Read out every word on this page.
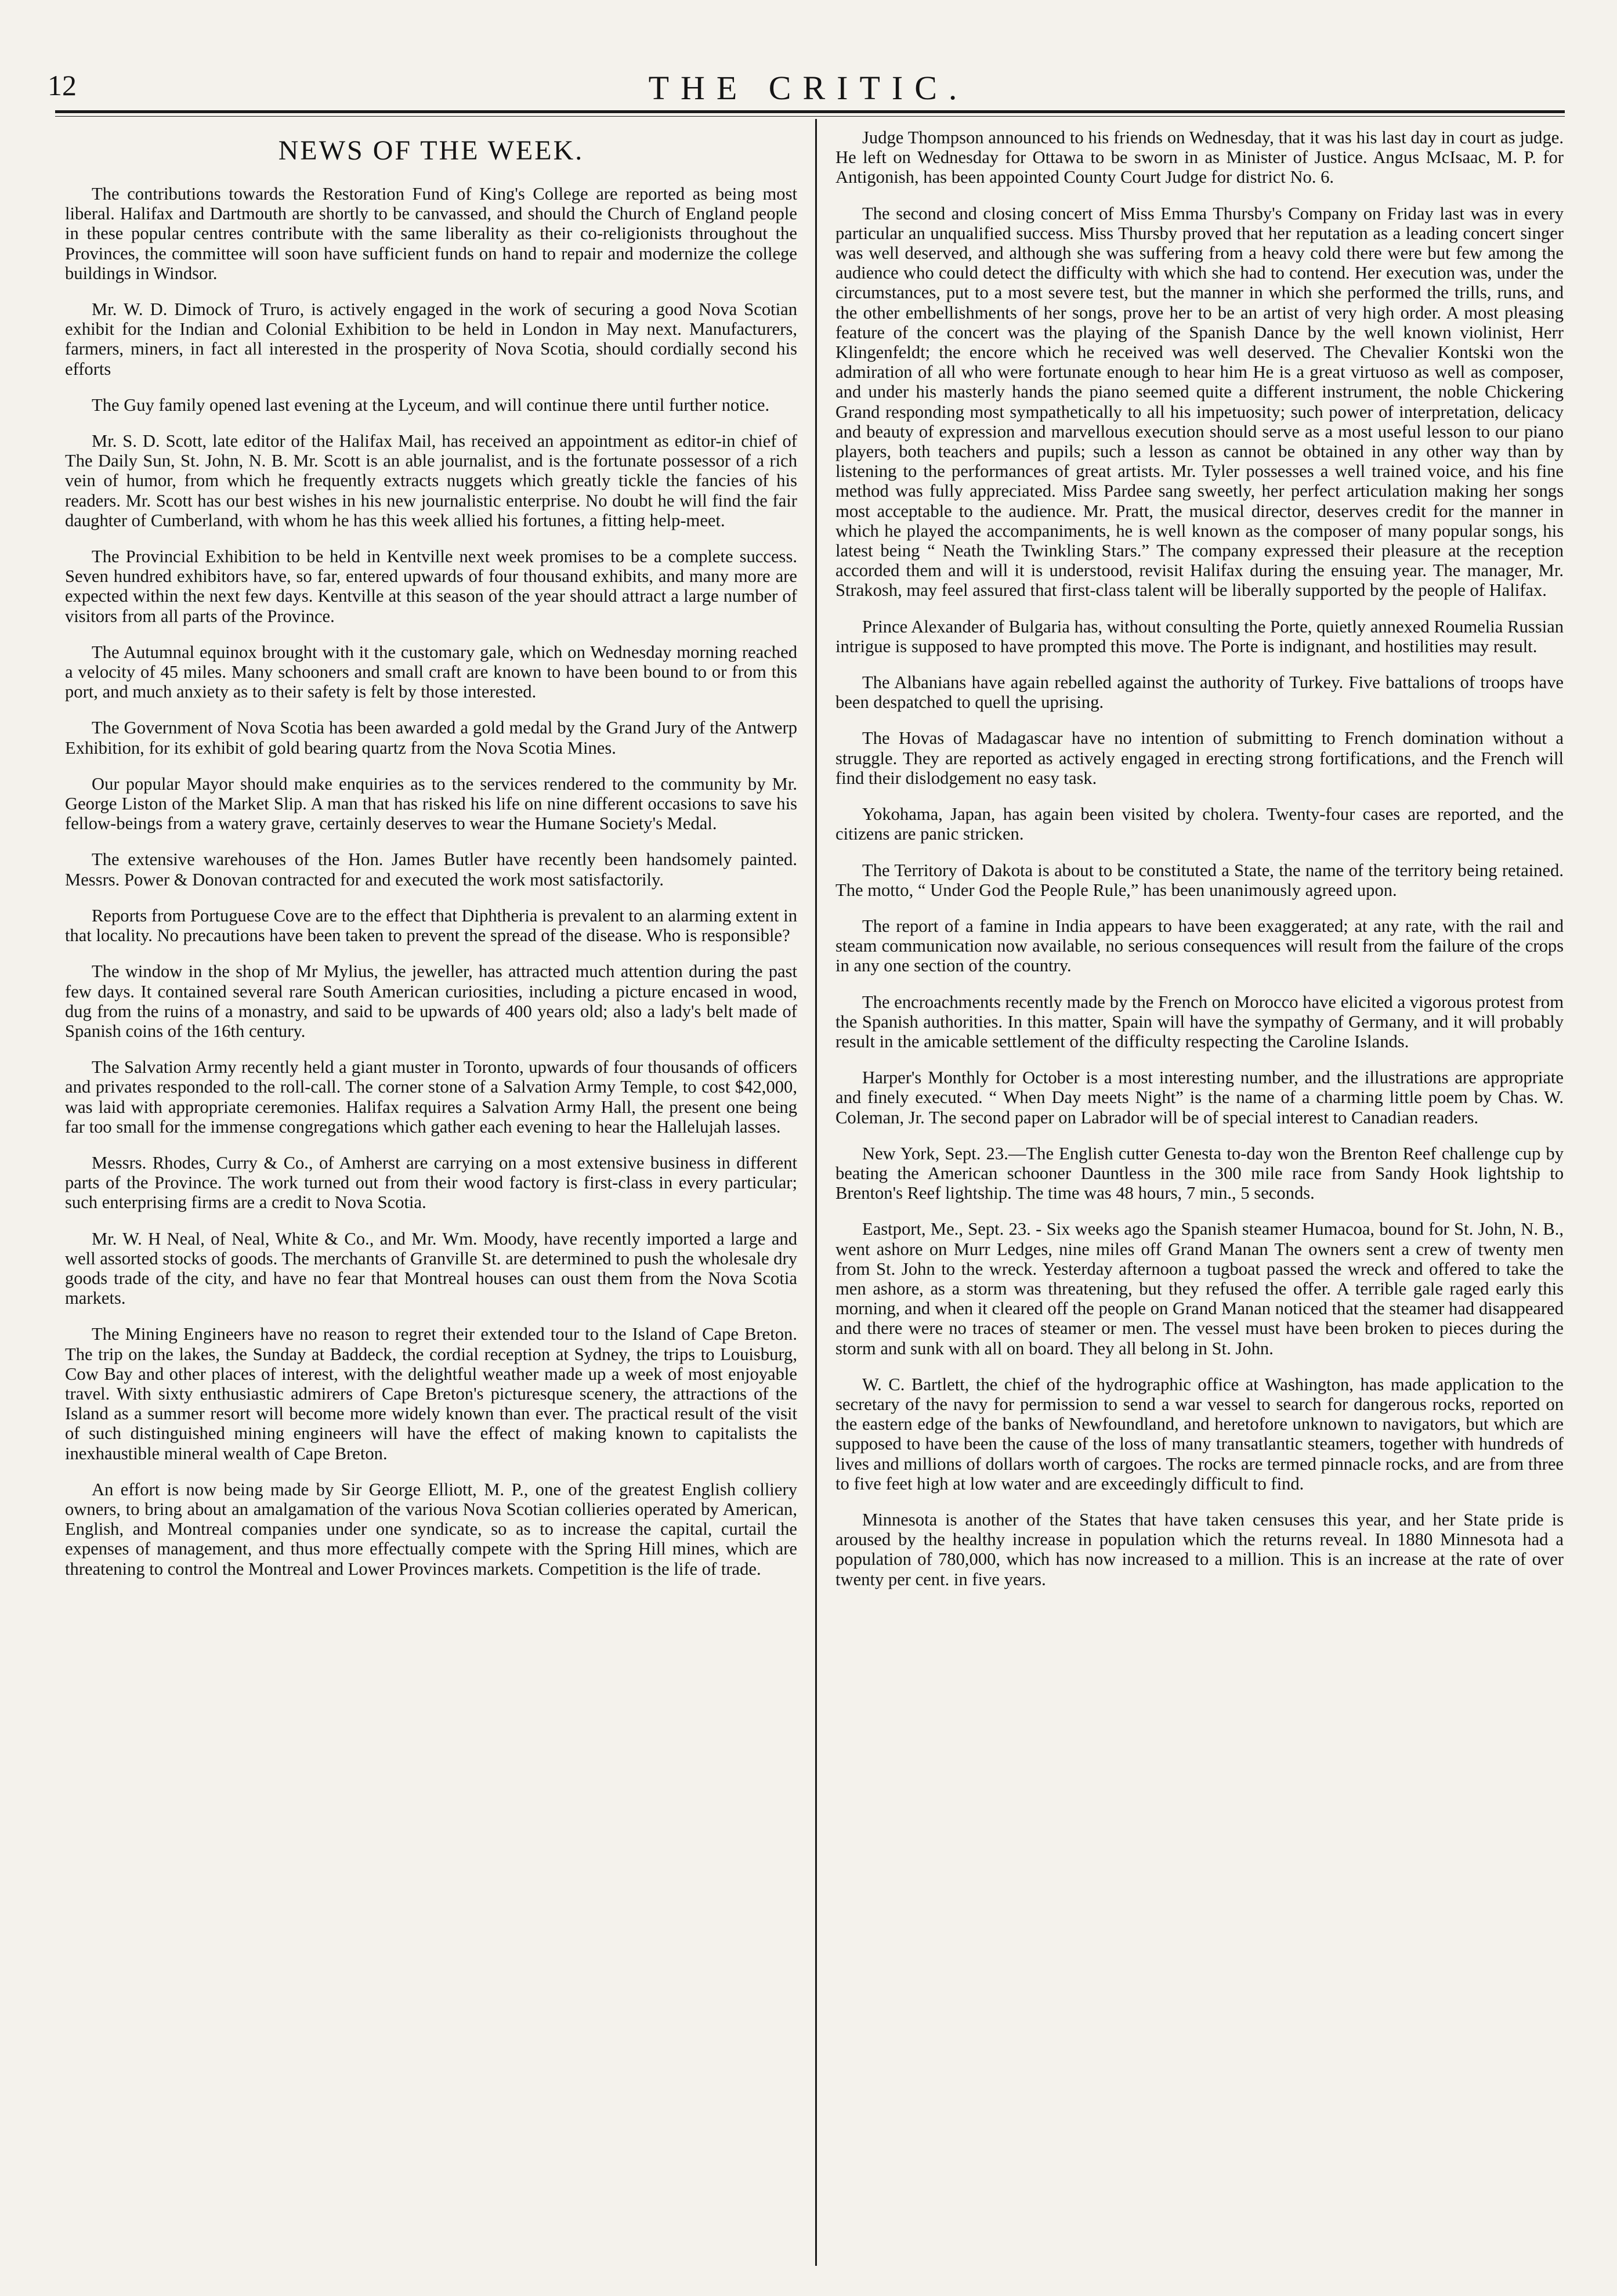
12	THE CRITIC.
NEWS OF THE WEEK.

The contributions towards the Restoration Fund of King's College are reported as being most liberal. Halifax and Dartmouth are shortly to be canvassed, and should the Church of England people in these popular centres contribute with the same liberality as their co-religionists throughout the Provinces, the committee will soon have sufficient funds on hand to repair and modernize the college buildings in Windsor.

Mr. W. D. Dimock of Truro, is actively engaged in the work of securing a good Nova Scotian exhibit for the Indian and Colonial Exhibition to be held in London in May next. Manufacturers, farmers, miners, in fact all interested in the prosperity of Nova Scotia, should cordially second his efforts

The Guy family opened last evening at the Lyceum, and will continue there until further notice.

Mr. S. D. Scott, late editor of the Halifax Mail, has received an appointment as editor-in chief of The Daily Sun, St. John, N. B. Mr. Scott is an able journalist, and is the fortunate possessor of a rich vein of humor, from which he frequently extracts nuggets which greatly tickle the fancies of his readers. Mr. Scott has our best wishes in his new journalistic enterprise. No doubt he will find the fair daughter of Cumberland, with whom he has this week allied his fortunes, a fitting help-meet.

The Provincial Exhibition to be held in Kentville next week promises to be a complete success. Seven hundred exhibitors have, so far, entered upwards of four thousand exhibits, and many more are expected within the next few days. Kentville at this season of the year should attract a large number of visitors from all parts of the Province.

The Autumnal equinox brought with it the customary gale, which on Wednesday morning reached a velocity of 45 miles. Many schooners and small craft are known to have been bound to or from this port, and much anxiety as to their safety is felt by those interested.

The Government of Nova Scotia has been awarded a gold medal by the Grand Jury of the Antwerp Exhibition, for its exhibit of gold bearing quartz from the Nova Scotia Mines.

Our popular Mayor should make enquiries as to the services rendered to the community by Mr. George Liston of the Market Slip. A man that has risked his life on nine different occasions to save his fellow-beings from a watery grave, certainly deserves to wear the Humane Society's Medal.

The extensive warehouses of the Hon. James Butler have recently been handsomely painted. Messrs. Power & Donovan contracted for and executed the work most satisfactorily.

Reports from Portuguese Cove are to the effect that Diphtheria is prevalent to an alarming extent in that locality. No precautions have been taken to prevent the spread of the disease. Who is responsible?

The window in the shop of Mr Mylius, the jeweller, has attracted much attention during the past few days. It contained several rare South American curiosities, including a picture encased in wood, dug from the ruins of a monastry, and said to be upwards of 400 years old; also a lady's belt made of Spanish coins of the 16th century.

The Salvation Army recently held a giant muster in Toronto, upwards of four thousands of officers and privates responded to the roll-call. The corner stone of a Salvation Army Temple, to cost $42,000, was laid with appropriate ceremonies. Halifax requires a Salvation Army Hall, the present one being far too small for the immense congregations which gather each evening to hear the Hallelujah lasses.

Messrs. Rhodes, Curry & Co., of Amherst are carrying on a most extensive business in different parts of the Province. The work turned out from their wood factory is first-class in every particular; such enterprising firms are a credit to Nova Scotia.

Mr. W. H Neal, of Neal, White & Co., and Mr. Wm. Moody, have recently imported a large and well assorted stocks of goods. The merchants of Granville St. are determined to push the wholesale dry goods trade of the city, and have no fear that Montreal houses can oust them from the Nova Scotia markets.

The Mining Engineers have no reason to regret their extended tour to the Island of Cape Breton. The trip on the lakes, the Sunday at Baddeck, the cordial reception at Sydney, the trips to Louisburg, Cow Bay and other places of interest, with the delightful weather made up a week of most enjoyable travel. With sixty enthusiastic admirers of Cape Breton's picturesque scenery, the attractions of the Island as a summer resort will become more widely known than ever. The practical result of the visit of such distinguished mining engineers will have the effect of making known to capitalists the inexhaustible mineral wealth of Cape Breton.

An effort is now being made by Sir George Elliott, M. P., one of the greatest English colliery owners, to bring about an amalgamation of the various Nova Scotian collieries operated by American, English, and Montreal companies under one syndicate, so as to increase the capital, curtail the expenses of management, and thus more effectually compete with the Spring Hill mines, which are threatening to control the Montreal and Lower Provinces markets. Competition is the life of trade.

Judge Thompson announced to his friends on Wednesday, that it was his last day in court as judge. He left on Wednesday for Ottawa to be sworn in as Minister of Justice. Angus McIsaac, M. P. for Antigonish, has been appointed County Court Judge for district No. 6.

The second and closing concert of Miss Emma Thursby's Company on Friday last was in every particular an unqualified success. Miss Thursby proved that her reputation as a leading concert singer was well deserved, and although she was suffering from a heavy cold there were but few among the audience who could detect the difficulty with which she had to contend. Her execution was, under the circumstances, put to a most severe test, but the manner in which she performed the trills, runs, and the other embellishments of her songs, prove her to be an artist of very high order. A most pleasing feature of the concert was the playing of the Spanish Dance by the well known violinist, Herr Klingenfeldt; the encore which he received was well deserved. The Chevalier Kontski won the admiration of all who were fortunate enough to hear him He is a great virtuoso as well as composer, and under his masterly hands the piano seemed quite a different instrument, the noble Chickering Grand responding most sympathetically to all his impetuosity; such power of interpretation, delicacy and beauty of expression and marvellous execution should serve as a most useful lesson to our piano players, both teachers and pupils; such a lesson as cannot be obtained in any other way than by listening to the performances of great artists. Mr. Tyler possesses a well trained voice, and his fine method was fully appreciated. Miss Pardee sang sweetly, her perfect articulation making her songs most acceptable to the audience. Mr. Pratt, the musical director, deserves credit for the manner in which he played the accompaniments, he is well known as the composer of many popular songs, his latest being “ Neath the Twinkling Stars.” The company expressed their pleasure at the reception accorded them and will it is understood, revisit Halifax during the ensuing year. The manager, Mr. Strakosh, may feel assured that first-class talent will be liberally supported by the people of Halifax.

Prince Alexander of Bulgaria has, without consulting the Porte, quietly annexed Roumelia Russian intrigue is supposed to have prompted this move. The Porte is indignant, and hostilities may result.

The Albanians have again rebelled against the authority of Turkey. Five battalions of troops have been despatched to quell the uprising.

The Hovas of Madagascar have no intention of submitting to French domination without a struggle. They are reported as actively engaged in erecting strong fortifications, and the French will find their dislodgement no easy task.

Yokohama, Japan, has again been visited by cholera. Twenty-four cases are reported, and the citizens are panic stricken.

The Territory of Dakota is about to be constituted a State, the name of the territory being retained. The motto, “ Under God the People Rule,” has been unanimously agreed upon.

The report of a famine in India appears to have been exaggerated; at any rate, with the rail and steam communication now available, no serious consequences will result from the failure of the crops in any one section of the country.

The encroachments recently made by the French on Morocco have elicited a vigorous protest from the Spanish authorities. In this matter, Spain will have the sympathy of Germany, and it will probably result in the amicable settlement of the difficulty respecting the Caroline Islands.

Harper's Monthly for October is a most interesting number, and the illustrations are appropriate and finely executed. “ When Day meets Night” is the name of a charming little poem by Chas. W. Coleman, Jr. The second paper on Labrador will be of special interest to Canadian readers.

New York, Sept. 23.—The English cutter Genesta to-day won the Brenton Reef challenge cup by beating the American schooner Dauntless in the 300 mile race from Sandy Hook lightship to Brenton's Reef lightship. The time was 48 hours, 7 min., 5 seconds.

Eastport, Me., Sept. 23. - Six weeks ago the Spanish steamer Humacoa, bound for St. John, N. B., went ashore on Murr Ledges, nine miles off Grand Manan The owners sent a crew of twenty men from St. John to the wreck. Yesterday afternoon a tugboat passed the wreck and offered to take the men ashore, as a storm was threatening, but they refused the offer. A terrible gale raged early this morning, and when it cleared off the people on Grand Manan noticed that the steamer had disappeared and there were no traces of steamer or men. The vessel must have been broken to pieces during the storm and sunk with all on board. They all belong in St. John.

W. C. Bartlett, the chief of the hydrographic office at Washington, has made application to the secretary of the navy for permission to send a war vessel to search for dangerous rocks, reported on the eastern edge of the banks of Newfoundland, and heretofore unknown to navigators, but which are supposed to have been the cause of the loss of many transatlantic steamers, together with hundreds of lives and millions of dollars worth of cargoes. The rocks are termed pinnacle rocks, and are from three to five feet high at low water and are exceedingly difficult to find.

Minnesota is another of the States that have taken censuses this year, and her State pride is aroused by the healthy increase in population which the returns reveal. In 1880 Minnesota had a population of 780,000, which has now increased to a million. This is an increase at the rate of over twenty per cent. in five years.
